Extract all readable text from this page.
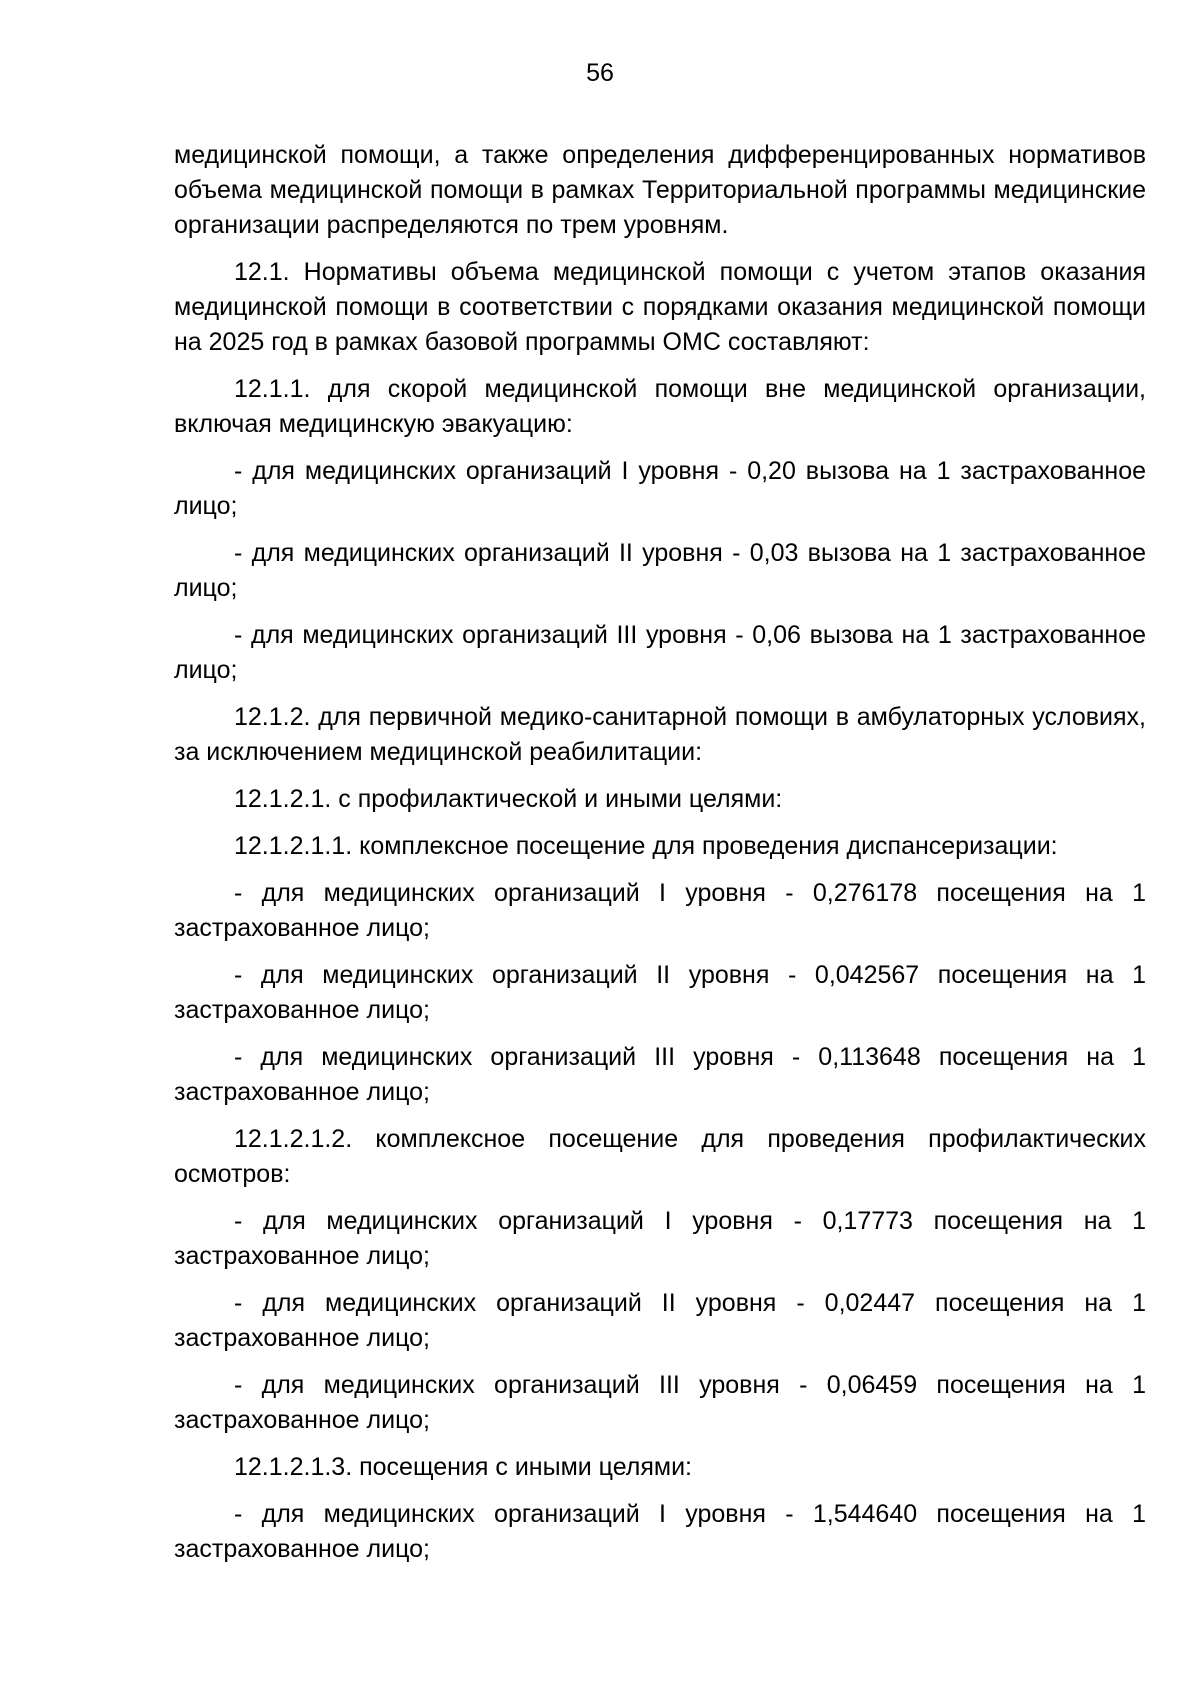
56

медицинской помощи, а также определения дифференцированных нормативов объема медицинской помощи в рамках Территориальной программы медицинские организации распределяются по трем уровням.

12.1. Нормативы объема медицинской помощи с учетом этапов оказания медицинской помощи в соответствии с порядками оказания медицинской помощи на 2025 год в рамках базовой программы ОМС составляют:

12.1.1. для скорой медицинской помощи вне медицинской организации, включая медицинскую эвакуацию:

- для медицинских организаций I уровня - 0,20 вызова на 1 застрахованное лицо;

- для медицинских организаций II уровня - 0,03 вызова на 1 застрахованное лицо;

- для медицинских организаций III уровня - 0,06 вызова на 1 застрахованное лицо;

12.1.2. для первичной медико-санитарной помощи в амбулаторных условиях, за исключением медицинской реабилитации:

12.1.2.1. с профилактической и иными целями:

12.1.2.1.1. комплексное посещение для проведения диспансеризации:

- для медицинских организаций I уровня - 0,276178 посещения на 1 застрахованное лицо;

- для медицинских организаций II уровня - 0,042567 посещения на 1 застрахованное лицо;

- для медицинских организаций III уровня - 0,113648 посещения на 1 застрахованное лицо;

12.1.2.1.2. комплексное посещение для проведения профилактических осмотров:

- для медицинских организаций I уровня - 0,17773 посещения на 1 застрахованное лицо;

- для медицинских организаций II уровня - 0,02447 посещения на 1 застрахованное лицо;

- для медицинских организаций III уровня - 0,06459 посещения на 1 застрахованное лицо;

12.1.2.1.3. посещения с иными целями:

- для медицинских организаций I уровня - 1,544640 посещения на 1 застрахованное лицо;
